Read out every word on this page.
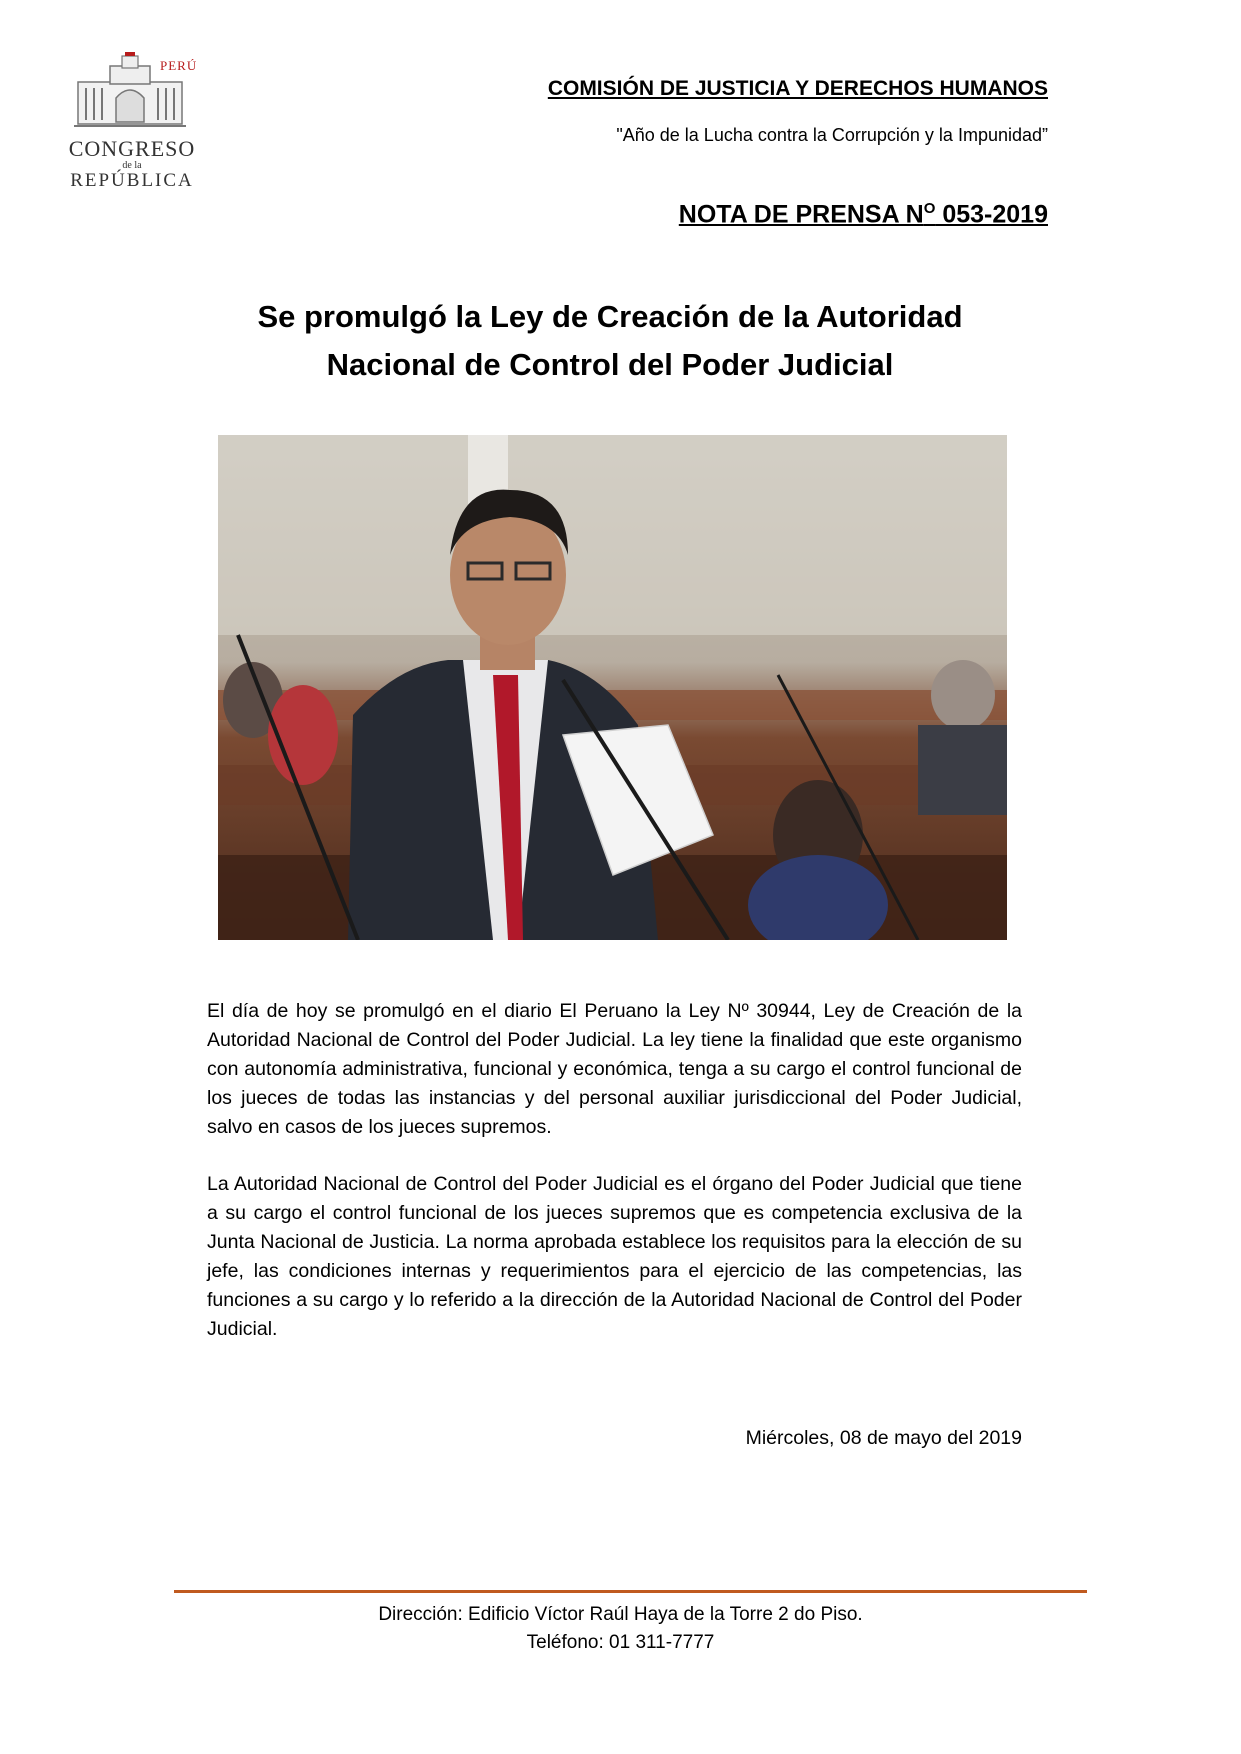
PERÚ
CONGRESO
de la
REPÚBLICA
COMISIÓN DE JUSTICIA Y DERECHOS HUMANOS
"Año de la Lucha contra la Corrupción y la Impunidad”
NOTA DE PRENSA $N^O$ 053-2019
Se promulgó la Ley de Creación de la Autoridad
Nacional de Control del Poder Judicial
El día de hoy se promulgó en el diario El Peruano la Ley Nº 30944, Ley de Creación de la Autoridad Nacional de Control del Poder Judicial. La ley tiene la finalidad que este organismo con autonomía administrativa, funcional y económica, tenga a su cargo el control funcional de los jueces de todas las instancias y del personal auxiliar jurisdiccional del Poder Judicial, salvo en casos de los jueces supremos.
La Autoridad Nacional de Control del Poder Judicial es el órgano del Poder Judicial que tiene a su cargo el control funcional de los jueces supremos que es competencia exclusiva de la Junta Nacional de Justicia. La norma aprobada establece los requisitos para la elección de su jefe, las condiciones internas y requerimientos para el ejercicio de las competencias, las funciones a su cargo y lo referido a la dirección de la Autoridad Nacional de Control del Poder Judicial.
Miércoles, 08 de mayo del 2019
Dirección: Edificio Víctor Raúl Haya de la Torre 2 do Piso.
Teléfono: 01 311-7777
